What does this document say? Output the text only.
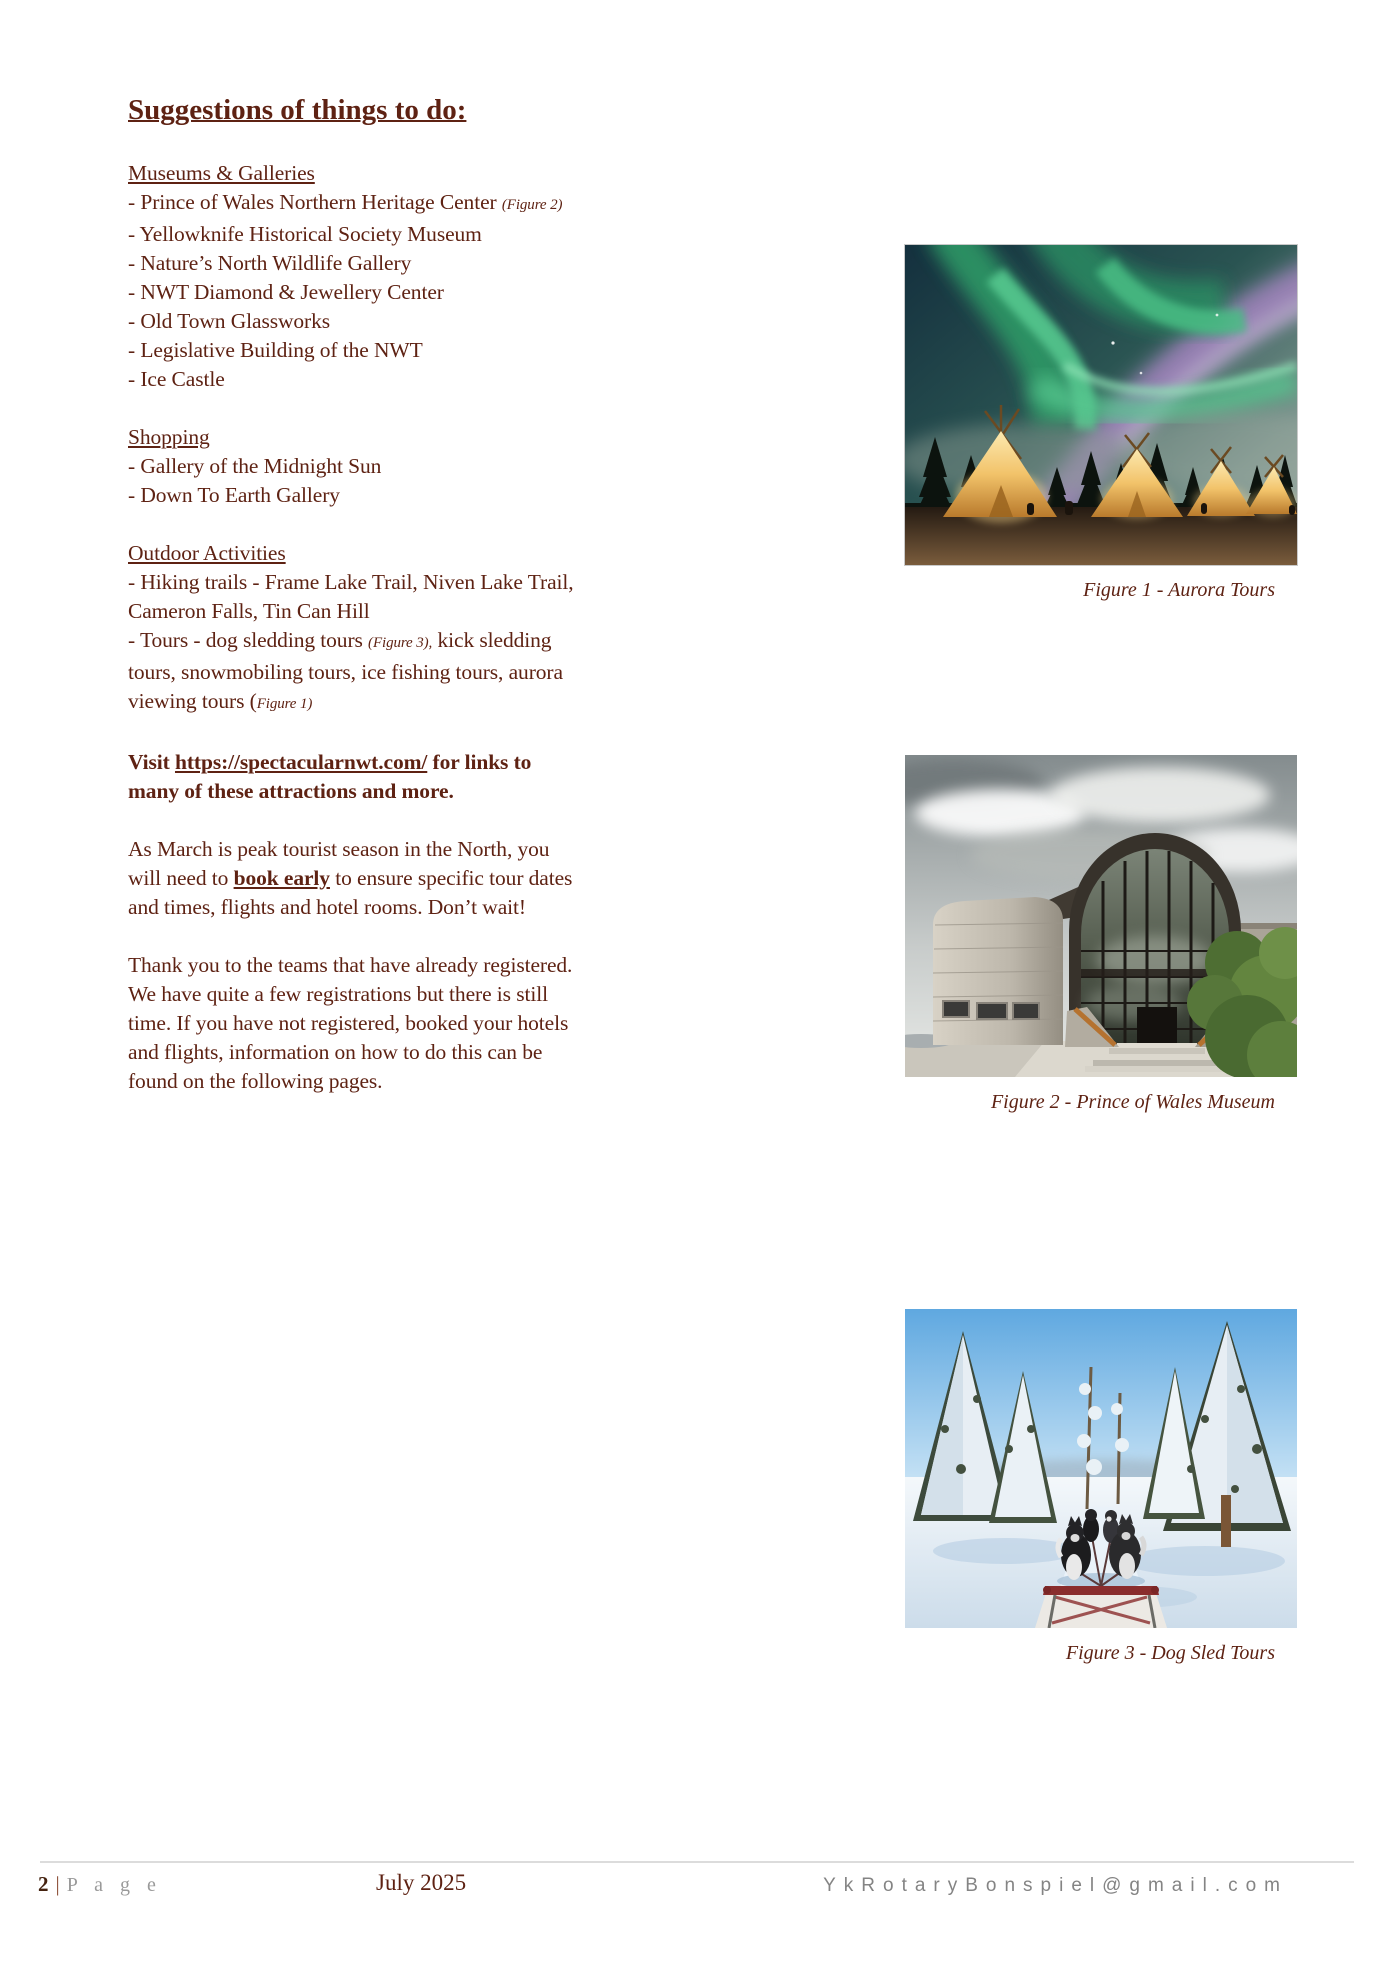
Suggestions of things to do:

Museums & Galleries

- Prince of Wales Northern Heritage Center (Figure 2)

- Yellowknife Historical Society Museum

- Nature’s North Wildlife Gallery

- NWT Diamond & Jewellery Center

- Old Town Glassworks

- Legislative Building of the NWT

- Ice Castle

Shopping

- Gallery of the Midnight Sun

- Down To Earth Gallery

Outdoor Activities

- Hiking trails - Frame Lake Trail, Niven Lake Trail, Cameron Falls, Tin Can Hill

- Tours - dog sledding tours (Figure 3), kick sledding tours, snowmobiling tours, ice fishing tours, aurora viewing tours (Figure 1)

Visit https://spectacularnwt.com/ for links to many of these attractions and more.

As March is peak tourist season in the North, you will need to book early to ensure specific tour dates and times, flights and hotel rooms. Don’t wait!

Thank you to the teams that have already registered. We have quite a few registrations but there is still time. If you have not registered, booked your hotels and flights, information on how to do this can be found on the following pages.

Figure 1 - Aurora Tours
Figure 2 - Prince of Wales Museum
Figure 3 - Dog Sled Tours
2 | P a g e	July 2025	YkRotaryBonspiel@gmail.com
